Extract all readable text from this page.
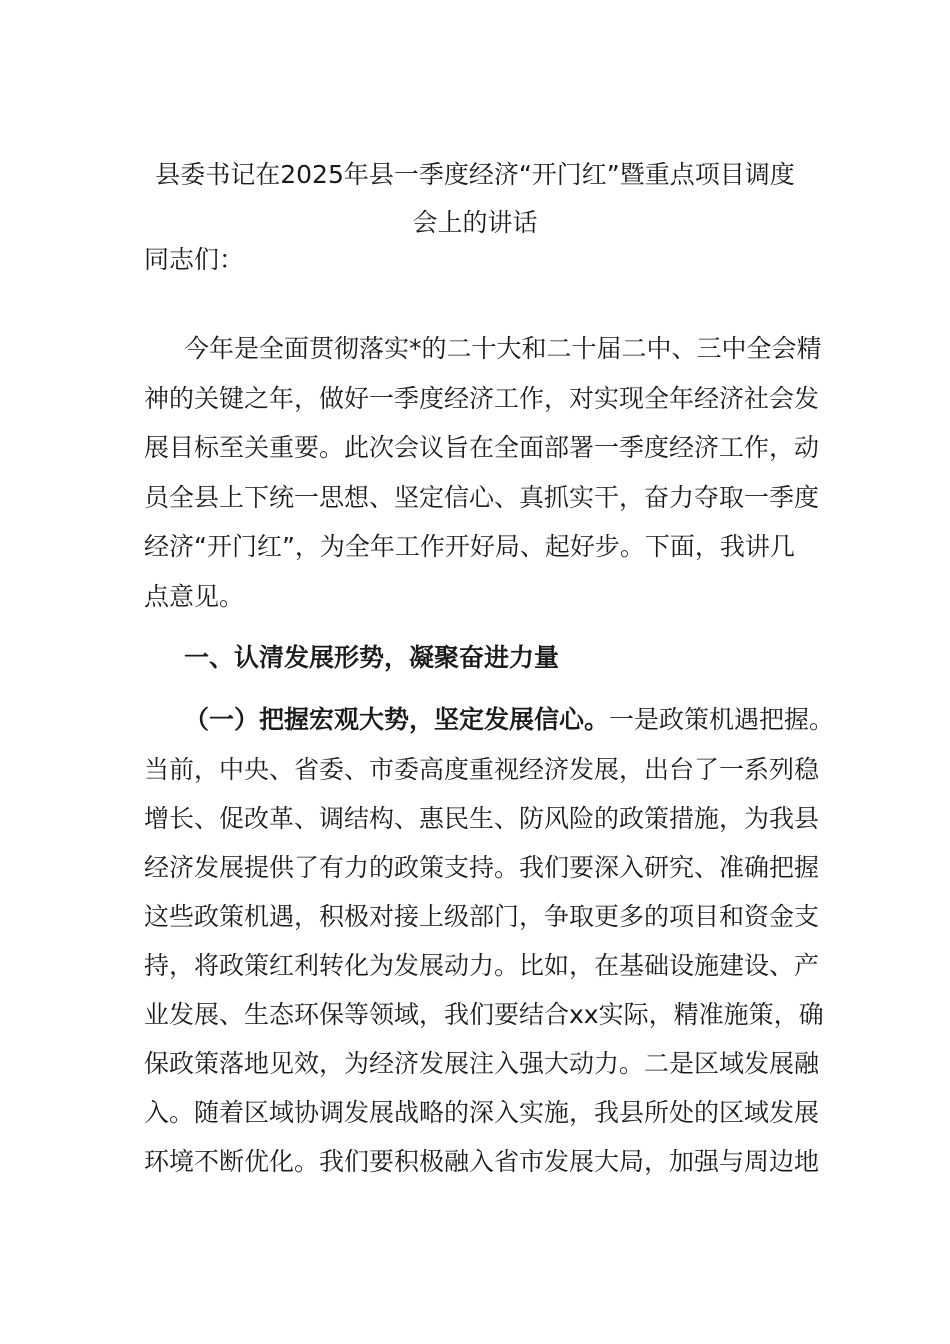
县委书记在2025年县一季度经济“开门红”暨重点项目调度
会上的讲话
同志们：
今年是全面贯彻落实*的二十大和二十届二中、三中全会精
神的关键之年，做好一季度经济工作，对实现全年经济社会发
展目标至关重要。此次会议旨在全面部署一季度经济工作，动
员全县上下统一思想、坚定信心、真抓实干，奋力夺取一季度
经济“开门红”，为全年工作开好局、起好步。下面，我讲几
点意见。
一、认清发展形势，凝聚奋进力量
（一）把握宏观大势，坚定发展信心。一是政策机遇把握。
当前，中央、省委、市委高度重视经济发展，出台了一系列稳
增长、促改革、调结构、惠民生、防风险的政策措施，为我县
经济发展提供了有力的政策支持。我们要深入研究、准确把握
这些政策机遇，积极对接上级部门，争取更多的项目和资金支
持，将政策红利转化为发展动力。比如，在基础设施建设、产
业发展、生态环保等领域，我们要结合xx实际，精准施策，确
保政策落地见效，为经济发展注入强大动力。二是区域发展融
入。随着区域协调发展战略的深入实施，我县所处的区域发展
环境不断优化。我们要积极融入省市发展大局，加强与周边地
